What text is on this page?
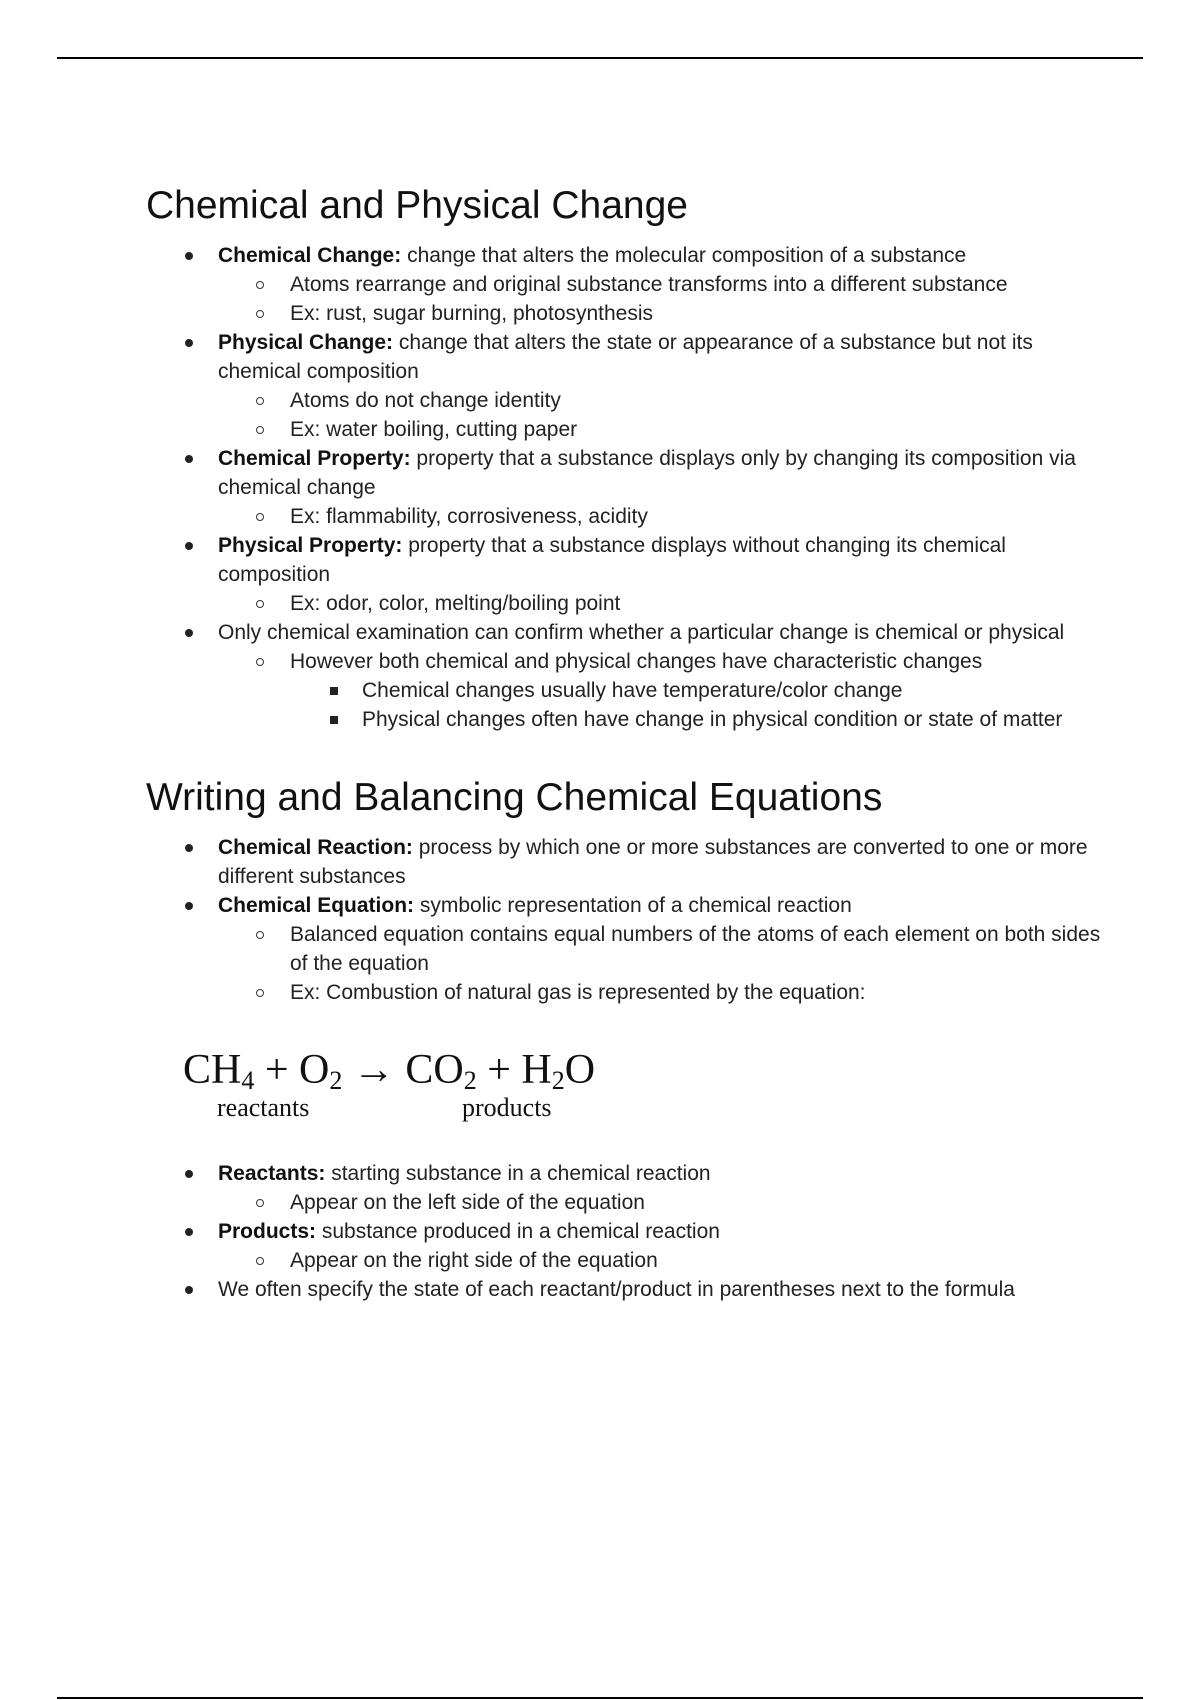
Chemical and Physical Change
Chemical Change: change that alters the molecular composition of a substance
Atoms rearrange and original substance transforms into a different substance
Ex: rust, sugar burning, photosynthesis
Physical Change: change that alters the state or appearance of a substance but not its chemical composition
Atoms do not change identity
Ex: water boiling, cutting paper
Chemical Property: property that a substance displays only by changing its composition via chemical change
Ex: flammability, corrosiveness, acidity
Physical Property: property that a substance displays without changing its chemical composition
Ex: odor, color, melting/boiling point
Only chemical examination can confirm whether a particular change is chemical or physical
However both chemical and physical changes have characteristic changes
Chemical changes usually have temperature/color change
Physical changes often have change in physical condition or state of matter
Writing and Balancing Chemical Equations
Chemical Reaction: process by which one or more substances are converted to one or more different substances
Chemical Equation: symbolic representation of a chemical reaction
Balanced equation contains equal numbers of the atoms of each element on both sides of the equation
Ex: Combustion of natural gas is represented by the equation:
$CH_4 + O_2 \to CO_2 + H_2O$
reactants	products
Reactants: starting substance in a chemical reaction
Appear on the left side of the equation
Products: substance produced in a chemical reaction
Appear on the right side of the equation
We often specify the state of each reactant/product in parentheses next to the formula
